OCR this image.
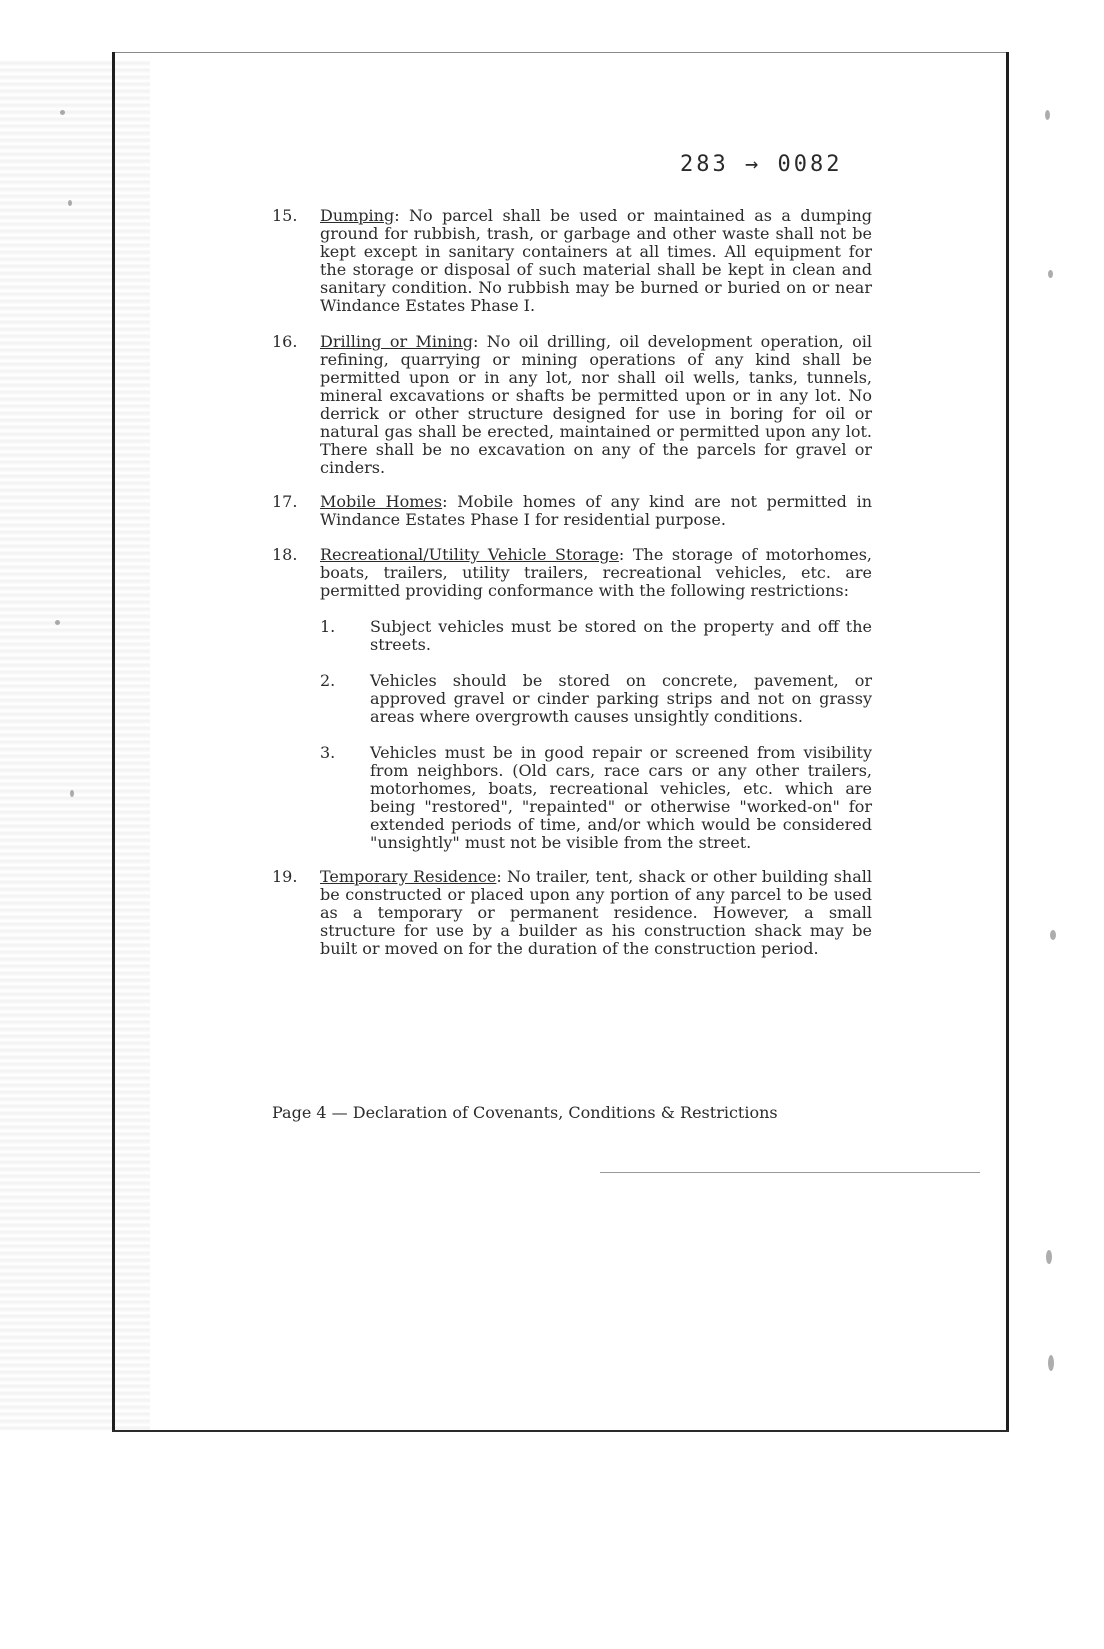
283 → 0082
15. Dumping: No parcel shall be used or maintained as a dumping ground for rubbish, trash, or garbage and other waste shall not be kept except in sanitary containers at all times. All equipment for the storage or disposal of such material shall be kept in clean and sanitary condition. No rubbish may be burned or buried on or near Windance Estates Phase I.
16. Drilling or Mining: No oil drilling, oil development operation, oil refining, quarrying or mining operations of any kind shall be permitted upon or in any lot, nor shall oil wells, tanks, tunnels, mineral excavations or shafts be permitted upon or in any lot. No derrick or other structure designed for use in boring for oil or natural gas shall be erected, maintained or permitted upon any lot. There shall be no excavation on any of the parcels for gravel or cinders.
17. Mobile Homes: Mobile homes of any kind are not permitted in Windance Estates Phase I for residential purpose.
18. Recreational/Utility Vehicle Storage: The storage of motorhomes, boats, trailers, utility trailers, recreational vehicles, etc. are permitted providing conformance with the following restrictions:
1. Subject vehicles must be stored on the property and off the streets.
2. Vehicles should be stored on concrete, pavement, or approved gravel or cinder parking strips and not on grassy areas where overgrowth causes unsightly conditions.
3. Vehicles must be in good repair or screened from visibility from neighbors. (Old cars, race cars or any other trailers, motorhomes, boats, recreational vehicles, etc. which are being "restored", "repainted" or otherwise "worked-on" for extended periods of time, and/or which would be considered "unsightly" must not be visible from the street.
19. Temporary Residence: No trailer, tent, shack or other building shall be constructed or placed upon any portion of any parcel to be used as a temporary or permanent residence. However, a small structure for use by a builder as his construction shack may be built or moved on for the duration of the construction period.
Page 4 — Declaration of Covenants, Conditions & Restrictions
